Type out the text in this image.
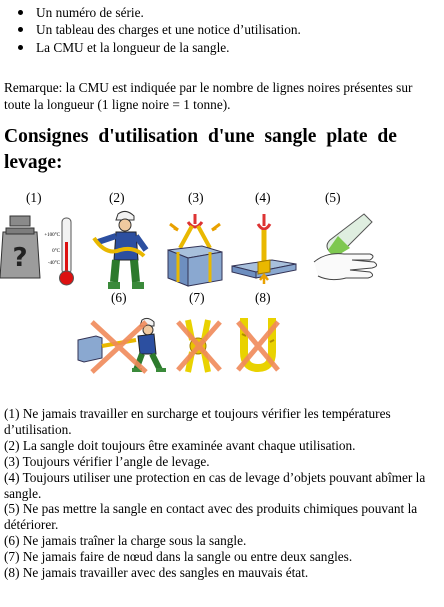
Un numéro de série.
Un tableau des charges et une notice d’utilisation.
La CMU et la longueur de la sangle.

Remarque: la CMU est indiquée par le nombre de lignes noires présentes sur toute la longueur (1 ligne noire = 1 tonne).

Consignes d'utilisation d'une sangle plate de levage:
(1)	(2)	(3)	(4)	(5)
(6)	(7)	(8)
?
+100°C
0°C
-40°C
(1) Ne jamais travailler en surcharge et toujours vérifier les températures d’utilisation.
(2) La sangle doit toujours être examinée avant chaque utilisation.
(3) Toujours vérifier l’angle de levage.
(4) Toujours utiliser une protection en cas de levage d’objets pouvant abîmer la sangle.
(5) Ne pas mettre la sangle en contact avec des produits chimiques pouvant la détériorer.
(6) Ne jamais traîner la charge sous la sangle.
(7) Ne jamais faire de nœud dans la sangle ou entre deux sangles.
(8) Ne jamais travailler avec des sangles en mauvais état.
